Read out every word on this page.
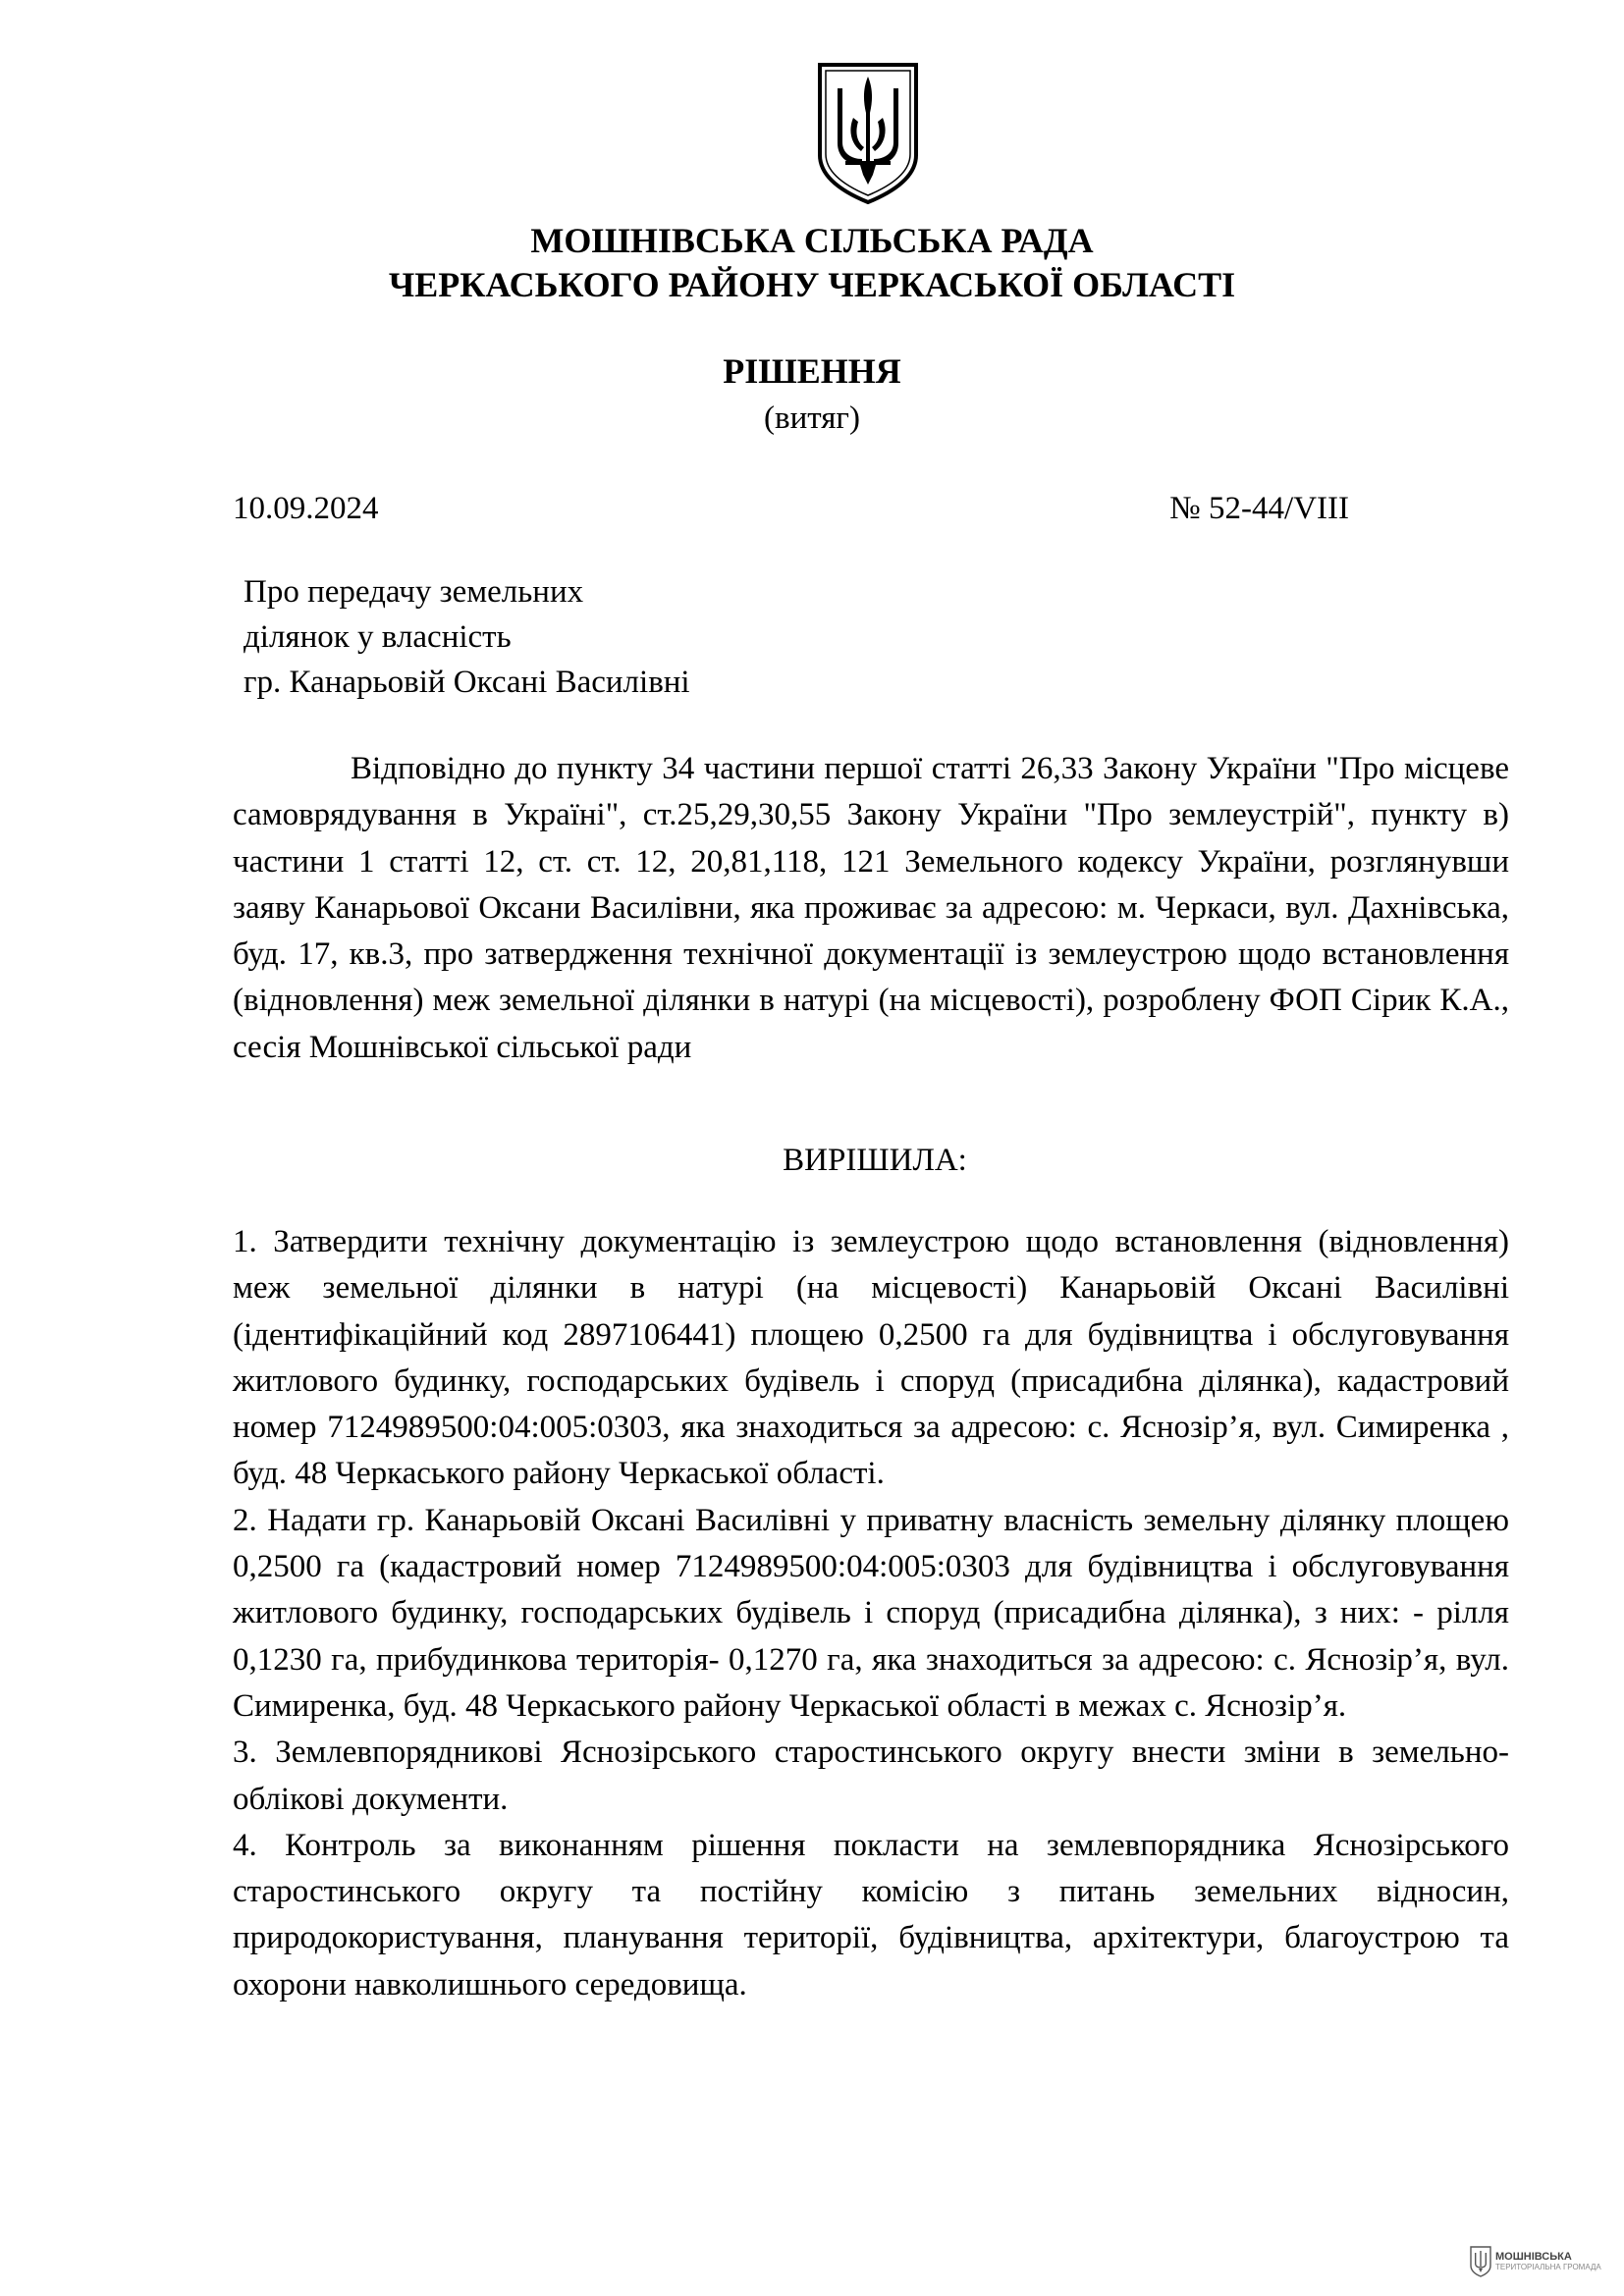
МОШНІВСЬКА СІЛЬСЬКА РАДА
ЧЕРКАСЬКОГО РАЙОНУ ЧЕРКАСЬКОЇ ОБЛАСТІ
РІШЕННЯ
(витяг)
10.09.2024	№ 52-44/VIII
Про передачу земельних
ділянок у власність
гр. Канарьовій Оксані Василівні
Відповідно до пункту 34 частини першої статті 26,33 Закону України "Про місцеве самоврядування в Україні", ст.25,29,30,55 Закону України "Про землеустрій", пункту в) частини 1 статті 12, ст. ст. 12, 20,81,118, 121 Земельного кодексу України, розглянувши заяву Канарьової Оксани Василівни, яка проживає за адресою: м. Черкаси, вул. Дахнівська, буд. 17, кв.3, про затвердження технічної документації із землеустрою щодо встановлення (відновлення) меж земельної ділянки в натурі (на місцевості), розроблену ФОП Сірик К.А., сесія Мошнівської сільської ради
ВИРІШИЛА:

1. Затвердити технічну документацію із землеустрою щодо встановлення (відновлення) меж земельної ділянки в натурі (на місцевості) Канарьовій Оксані Василівні (ідентифікаційний код 2897106441) площею 0,2500 га для будівництва і обслуговування житлового будинку, господарських будівель і споруд (присадибна ділянка), кадастровий номер 7124989500:04:005:0303, яка знаходиться за адресою: с. Яснозір’я, вул. Симиренка , буд. 48 Черкаського району Черкаської області.

2. Надати гр. Канарьовій Оксані Василівні у приватну власність земельну ділянку площею 0,2500 га (кадастровий номер 7124989500:04:005:0303 для будівництва і обслуговування житлового будинку, господарських будівель і споруд (присадибна ділянка), з них: - рілля 0,1230 га, прибудинкова територія- 0,1270 га, яка знаходиться за адресою: с. Яснозір’я, вул. Симиренка, буд. 48 Черкаського району Черкаської області в межах с. Яснозір’я.

3. Землевпорядникові Яснозірського старостинського округу внести зміни в земельно-облікові документи.

4. Контроль за виконанням рішення покласти на землевпорядника Яснозірського старостинського округу та постійну комісію з питань земельних відносин, природокористування, планування території, будівництва, архітектури, благоустрою та охорони навколишнього середовища.

МОШНІВСЬКА
ТЕРИТОРІАЛЬНА ГРОМАДА
